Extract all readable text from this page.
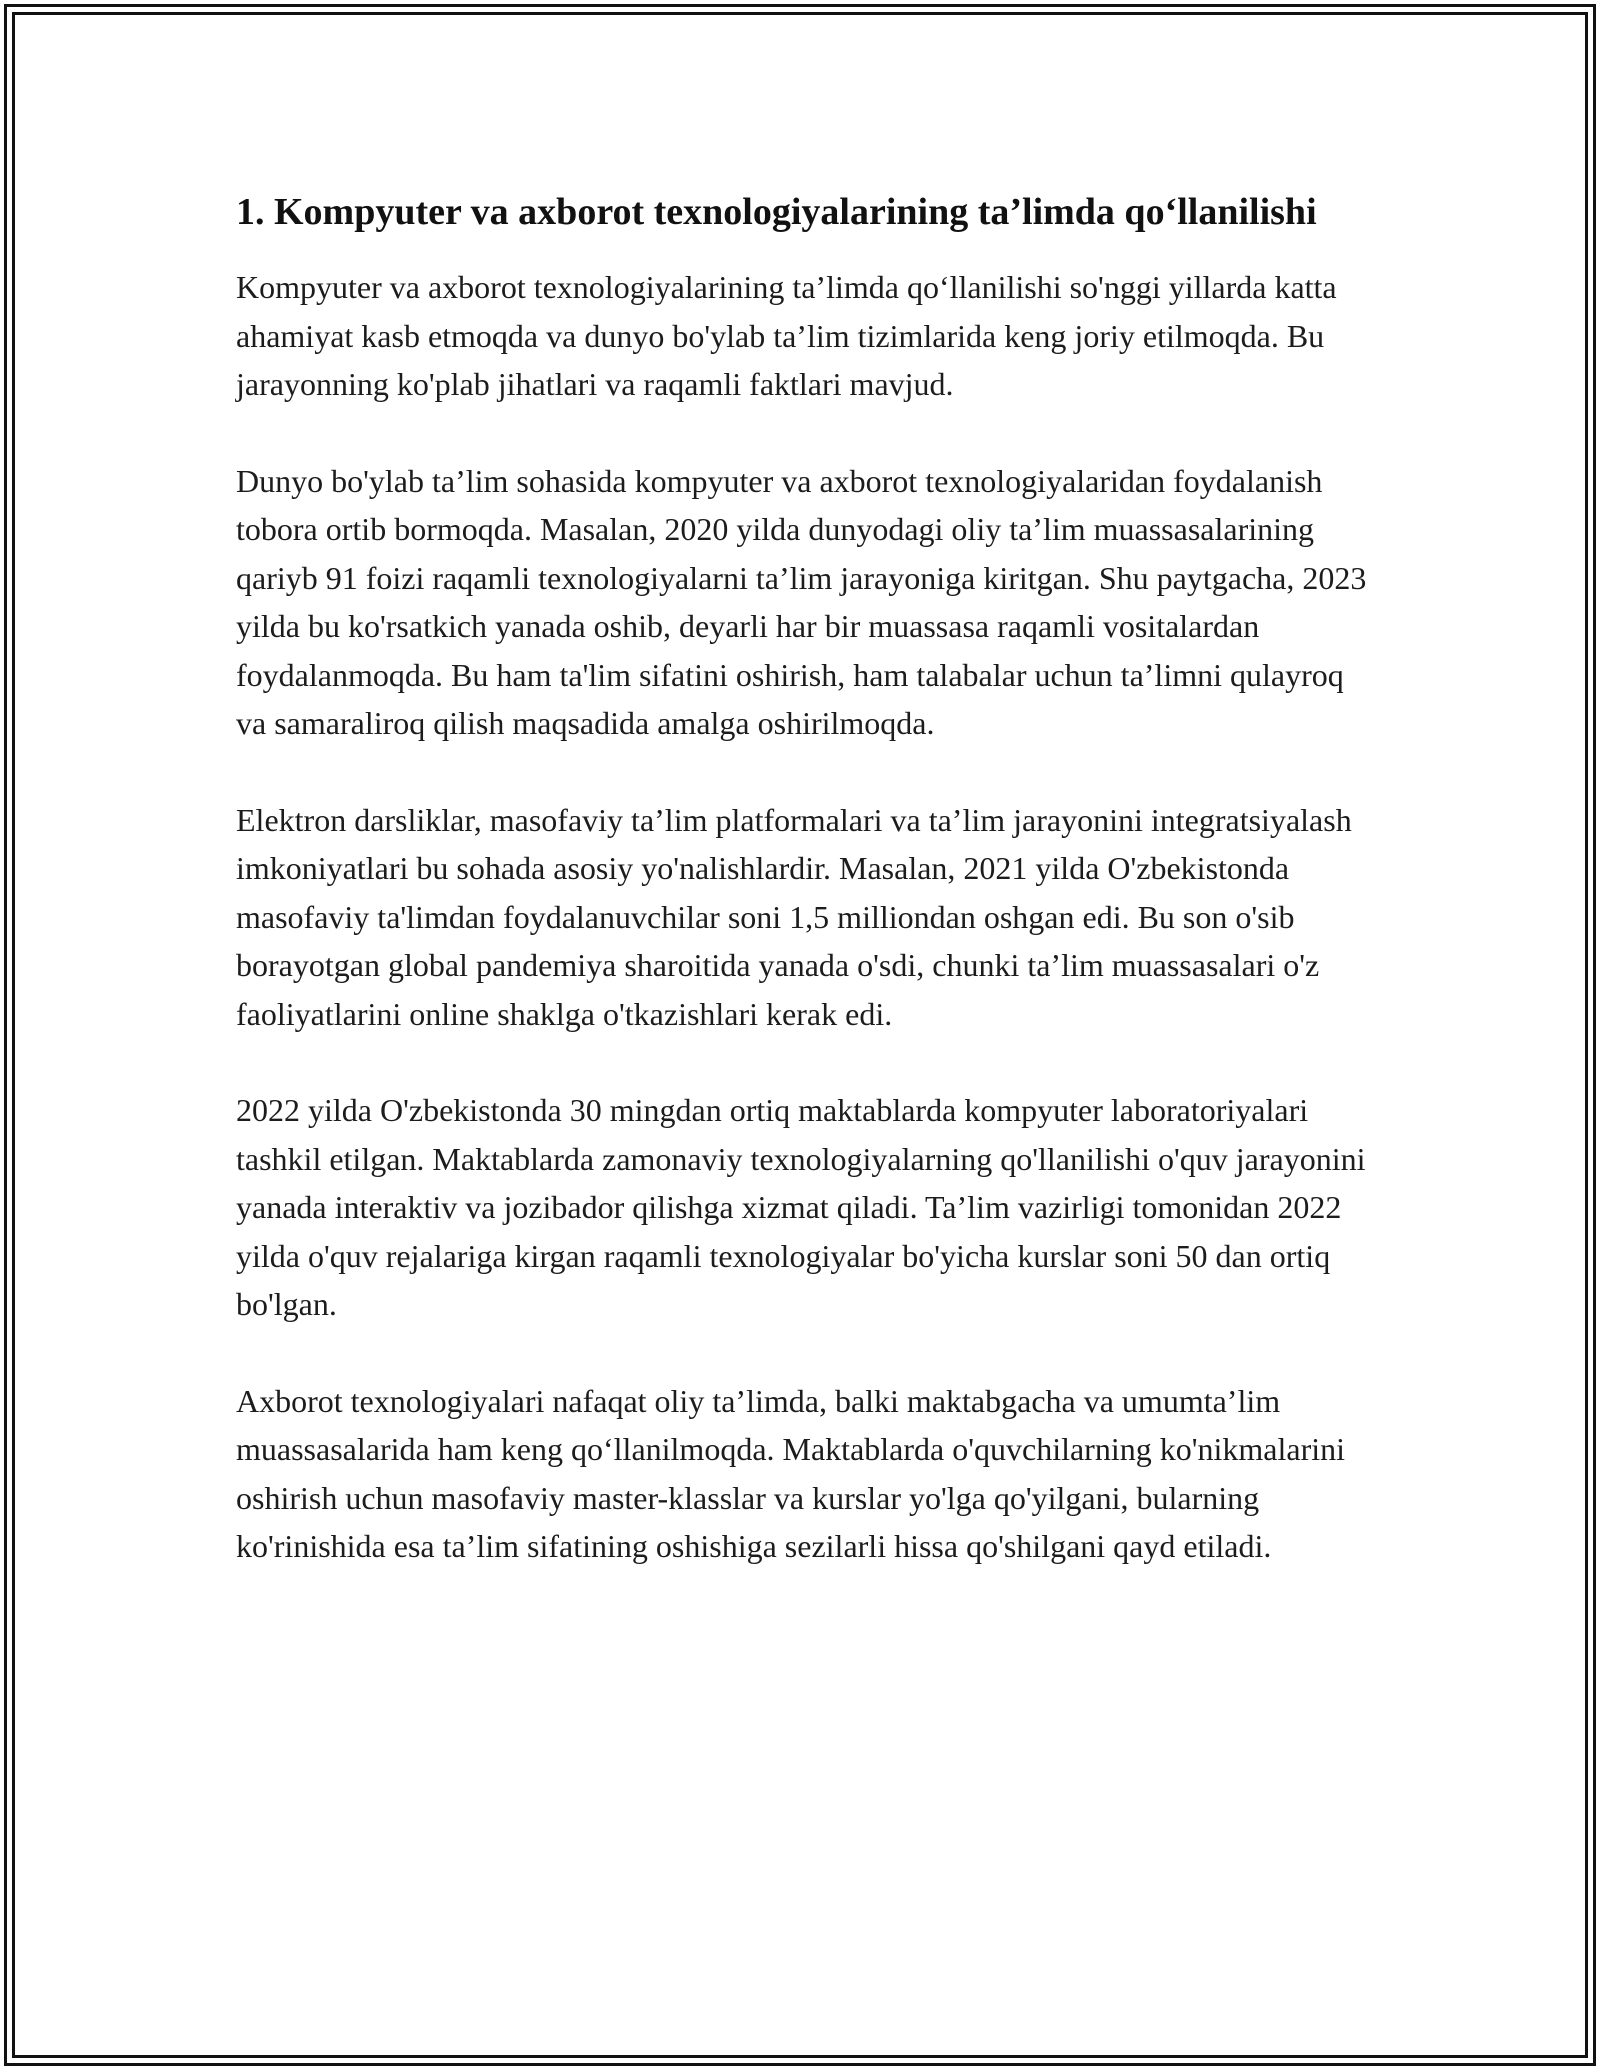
1. Kompyuter va axborot texnologiyalarining ta’limda qo‘llanilishi

Kompyuter va axborot texnologiyalarining ta’limda qo‘llanilishi so'nggi yillarda katta ahamiyat kasb etmoqda va dunyo bo'ylab ta’lim tizimlarida keng joriy etilmoqda. Bu jarayonning ko'plab jihatlari va raqamli faktlari mavjud.

Dunyo bo'ylab ta’lim sohasida kompyuter va axborot texnologiyalaridan foydalanish tobora ortib bormoqda. Masalan, 2020 yilda dunyodagi oliy ta’lim muassasalarining qariyb 91 foizi raqamli texnologiyalarni ta’lim jarayoniga kiritgan. Shu paytgacha, 2023 yilda bu ko'rsatkich yanada oshib, deyarli har bir muassasa raqamli vositalardan foydalanmoqda. Bu ham ta'lim sifatini oshirish, ham talabalar uchun ta’limni qulayroq va samaraliroq qilish maqsadida amalga oshirilmoqda.

Elektron darsliklar, masofaviy ta’lim platformalari va ta’lim jarayonini integratsiyalash imkoniyatlari bu sohada asosiy yo'nalishlardir. Masalan, 2021 yilda O'zbekistonda masofaviy ta'limdan foydalanuvchilar soni 1,5 milliondan oshgan edi. Bu son o'sib borayotgan global pandemiya sharoitida yanada o'sdi, chunki ta’lim muassasalari o'z faoliyatlarini online shaklga o'tkazishlari kerak edi.

2022 yilda O'zbekistonda 30 mingdan ortiq maktablarda kompyuter laboratoriyalari tashkil etilgan. Maktablarda zamonaviy texnologiyalarning qo'llanilishi o'quv jarayonini yanada interaktiv va jozibador qilishga xizmat qiladi. Ta’lim vazirligi tomonidan 2022 yilda o'quv rejalariga kirgan raqamli texnologiyalar bo'yicha kurslar soni 50 dan ortiq bo'lgan.

Axborot texnologiyalari nafaqat oliy ta’limda, balki maktabgacha va umumta’lim muassasalarida ham keng qo‘llanilmoqda. Maktablarda o'quvchilarning ko'nikmalarini oshirish uchun masofaviy master-klasslar va kurslar yo'lga qo'yilgani, bularning ko'rinishida esa ta’lim sifatining oshishiga sezilarli hissa qo'shilgani qayd etiladi.
